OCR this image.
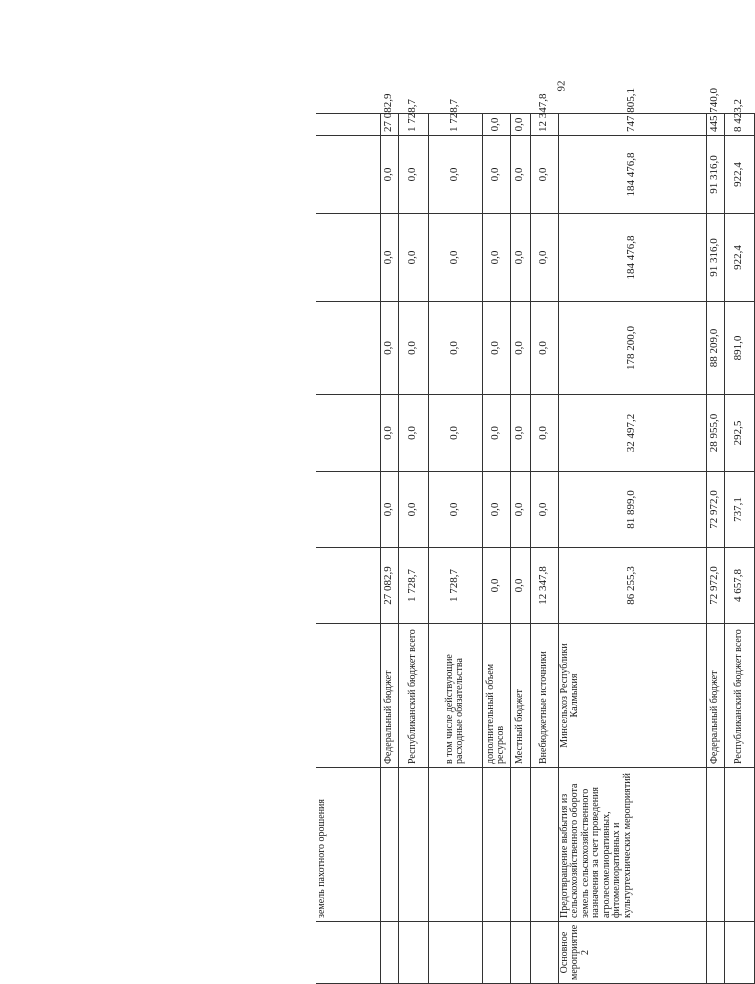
	земель пахотного орошения								
		Федеральный бюджет	27 082,9	0,0	0,0	0,0	0,0	0,0	27 082,9
		Республиканский бюджет всего	1 728,7	0,0	0,0	0,0	0,0	0,0	1 728,7
		в том числе действующие расходные обязательства	1 728,7	0,0	0,0	0,0	0,0	0,0	1 728,7
		дополнительный объем ресурсов	0,0	0,0	0,0	0,0	0,0	0,0	0,0
		Местный бюджет	0,0	0,0	0,0	0,0	0,0	0,0	0,0
		Внебюджетные источники	12 347,8	0,0	0,0	0,0	0,0	0,0	12 347,8
Основное мероприятие 2	Предотвращение выбытия из сельскохозяйственного оборота земель сельскохозяйственного назначения за счет проведения агролесомелиоративных, фитомелиоративных и культуртехнических мероприятий	Минсельхоз Республики Калмыкия	86 255,3	81 899,0	32 497,2	178 200,0	184 476,8	184 476,8	747 805,1
		Федеральный бюджет	72 972,0	72 972,0	28 955,0	88 209,0	91 316,0	91 316,0	445 740,0
		Республиканский бюджет всего	4 657,8	737,1	292,5	891,0	922,4	922,4	8 423,2
92
